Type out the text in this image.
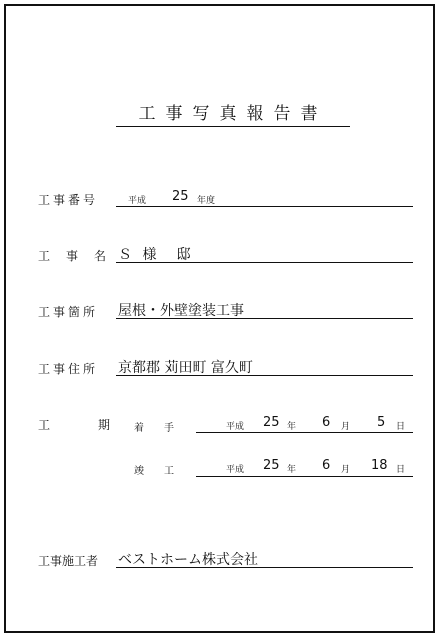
工事写真報告書
工事番号	平成 25 年度
工　事　名 Ｓ 様　邸
工事箇所 屋根・外壁塗装工事
工事住所 京都郡 苅田町 富久町
工　　　期 着　　手	平成 25 年 6 月 5 日
竣　　工	平成 25 年 6 月 18 日
工事施工者 ベストホーム株式会社
